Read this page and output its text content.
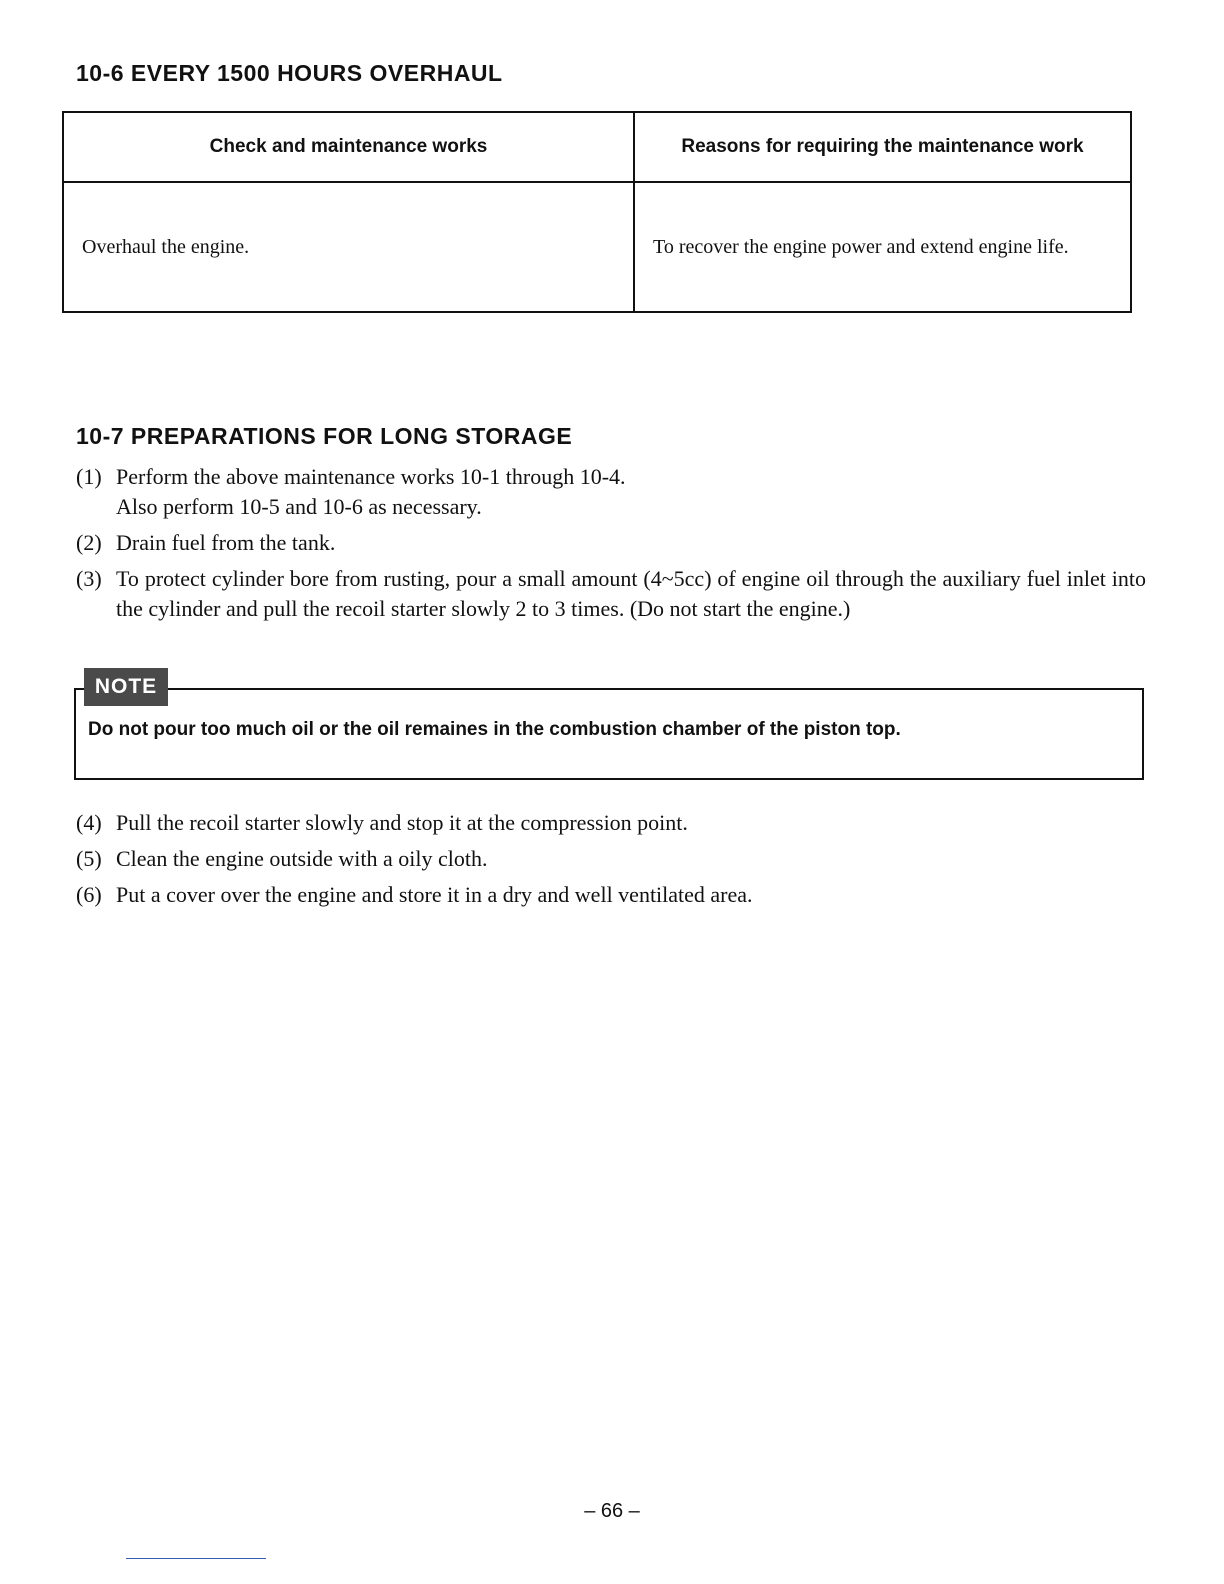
10-6 EVERY 1500 HOURS OVERHAUL
Check and maintenance works	Reasons for requiring the maintenance work
Overhaul the engine.	To recover the engine power and extend engine life.
10-7 PREPARATIONS FOR LONG STORAGE
(1) Perform the above maintenance works 10-1 through 10-4.
Also perform 10-5 and 10-6 as necessary.
(2) Drain fuel from the tank.
(3) To protect cylinder bore from rusting, pour a small amount (4~5cc) of engine oil through the auxiliary fuel inlet into the cylinder and pull the recoil starter slowly 2 to 3 times. (Do not start the engine.)
NOTE

Do not pour too much oil or the oil remaines in the combustion chamber of the piston top.

(4) Pull the recoil starter slowly and stop it at the compression point.
(5) Clean the engine outside with a oily cloth.
(6) Put a cover over the engine and store it in a dry and well ventilated area.
– 66 –
